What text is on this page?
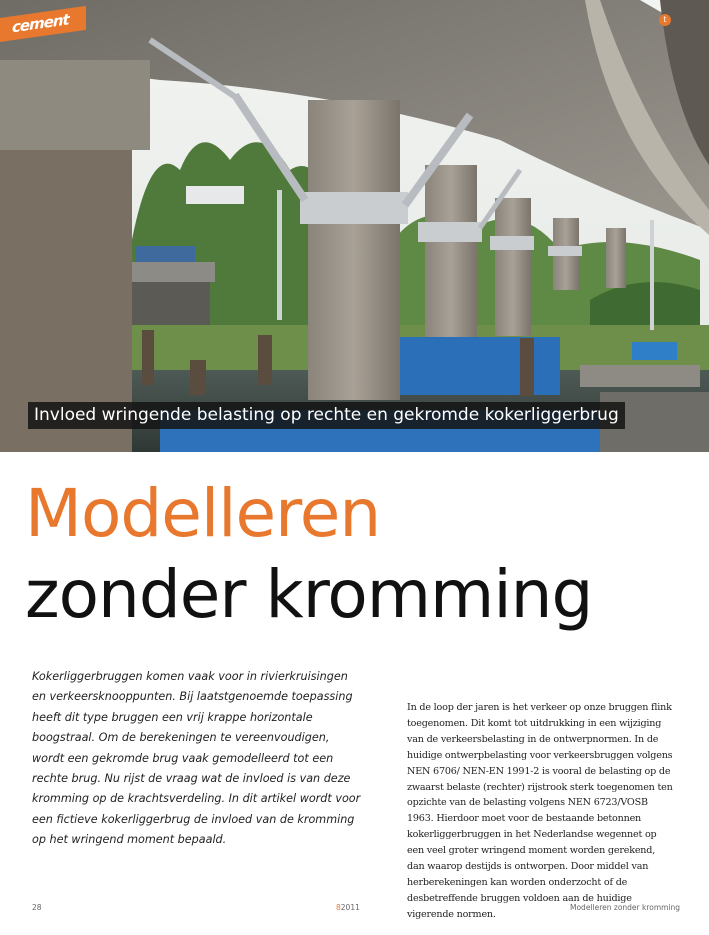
cement	t
Invloed wringende belasting op rechte en gekromde kokerliggerbrug
Modelleren
zonder kromming
Kokerliggerbruggen komen vaak voor in rivierkruisingen en verkeersknooppunten. Bij laatstgenoemde toepassing heeft dit type bruggen een vrij krappe horizontale boogstraal. Om de berekeningen te vereenvoudigen, wordt een gekromde brug vaak gemodelleerd tot een rechte brug. Nu rijst de vraag wat de invloed is van deze kromming op de krachtsverdeling. In dit artikel wordt voor een fictieve kokerliggerbrug de invloed van de kromming op het wringend moment bepaald.
In de loop der jaren is het verkeer op onze bruggen flink toegenomen. Dit komt tot uitdrukking in een wijziging van de verkeersbelasting in de ontwerpnormen. In de huidige ontwerpbelasting voor verkeersbruggen volgens NEN 6706/ NEN-EN 1991-2 is vooral de belasting op de zwaarst belaste (rechter) rijstrook sterk toegenomen ten opzichte van de belasting volgens NEN 6723/VOSB 1963. Hierdoor moet voor de bestaande betonnen kokerliggerbruggen in het Nederlandse wegennet op een veel groter wringend moment worden gerekend, dan waarop destijds is ontworpen. Door middel van herberekeningen kan worden onderzocht of de desbetreffende bruggen voldoen aan de huidige vigerende normen.
28	82011	Modelleren zonder kromming
